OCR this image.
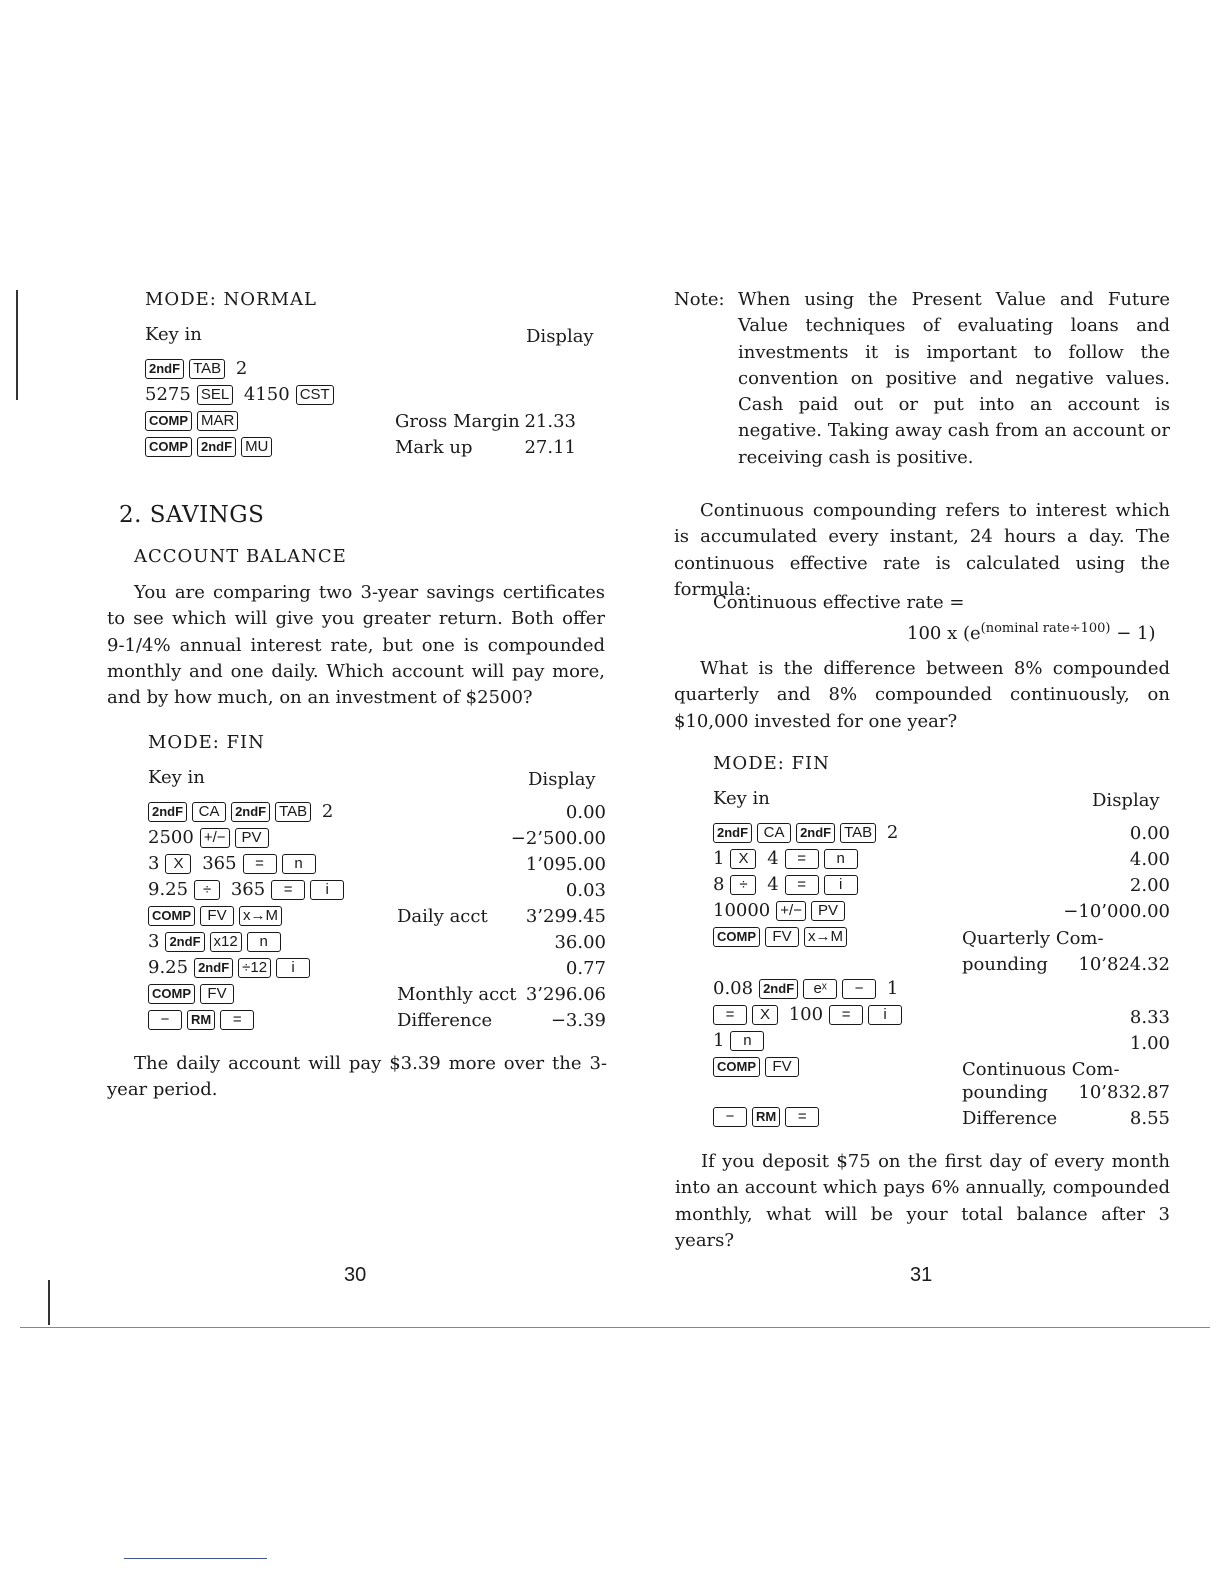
MODE: NORMAL
Key in	Display
2ndF TAB 2
5275 SEL 4150 CST
COMP MAR	Gross Margin 21.33
COMP 2ndF MU	Mark up	27.11
2. SAVINGS
ACCOUNT BALANCE
You are comparing two 3-year savings certificates to see which will give you greater return. Both offer 9-1/4% annual interest rate, but one is compounded monthly and one daily. Which account will pay more, and by how much, on an investment of $2500?
MODE: FIN
Key in	Display
2ndF CA 2ndF TAB 2	0.00
2500 +/− PV	−2’500.00
3 X 365 = n	1’095.00
9.25 ÷ 365 = i	0.03
COMP FV x→M	Daily acct	3’299.45
3 2ndF x12 n	36.00
9.25 2ndF ÷12 i	0.77
COMP FV	Monthly acct 3’296.06
− RM =	Difference	−3.39
The daily account will pay $3.39 more over the 3-year period.
30
Note: When using the Present Value and Future Value techniques of evaluating loans and investments it is important to follow the convention on positive and negative values. Cash paid out or put into an account is negative. Taking away cash from an account or receiving cash is positive.
Continuous compounding refers to interest which is accumulated every instant, 24 hours a day. The continuous effective rate is calculated using the formula:
Continuous effective rate =
100 x $(e^{(nominal rate\div 100)} - 1)$
What is the difference between 8% compounded quarterly and 8% compounded continuously, on $10,000 invested for one year?
MODE: FIN
Key in	Display
2ndF CA 2ndF TAB 2	0.00
1 X 4 = n	4.00
8 ÷ 4 = i	2.00
10000 +/− PV	−10’000.00
COMP FV x→M	Quarterly Com-
pounding	10’824.32
0.08 2ndF eˣ − 1
= X 100 = i	8.33
1 n	1.00
COMP FV	Continuous Com-
pounding	10’832.87
− RM =	Difference	8.55
If you deposit $75 on the first day of every month into an account which pays 6% annually, compounded monthly, what will be your total balance after 3 years?
31
